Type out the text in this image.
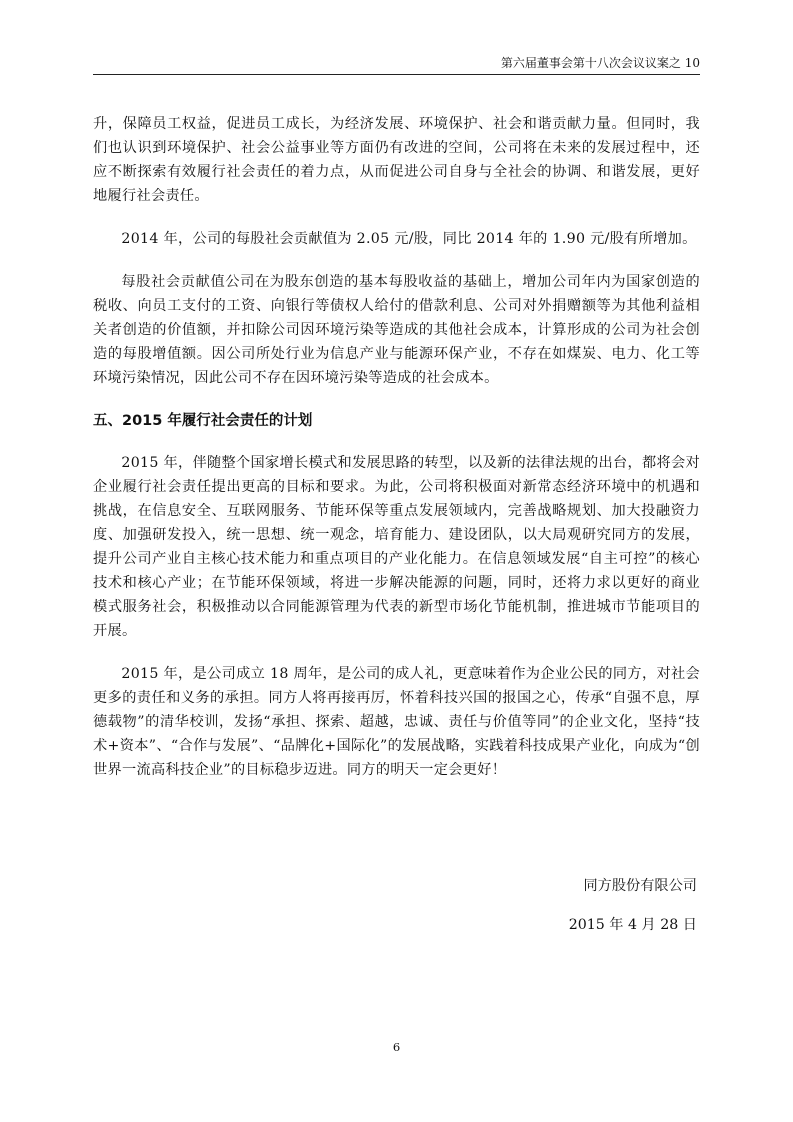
第六届董事会第十八次会议议案之 10

升，保障员工权益，促进员工成长，为经济发展、环境保护、社会和谐贡献力量。但同时，我们也认识到环境保护、社会公益事业等方面仍有改进的空间，公司将在未来的发展过程中，还应不断探索有效履行社会责任的着力点，从而促进公司自身与全社会的协调、和谐发展，更好地履行社会责任。

2014 年，公司的每股社会贡献值为 2.05 元/股，同比 2014 年的 1.90 元/股有所增加。

每股社会贡献值公司在为股东创造的基本每股收益的基础上，增加公司年内为国家创造的税收、向员工支付的工资、向银行等债权人给付的借款利息、公司对外捐赠额等为其他利益相关者创造的价值额，并扣除公司因环境污染等造成的其他社会成本，计算形成的公司为社会创造的每股增值额。因公司所处行业为信息产业与能源环保产业，不存在如煤炭、电力、化工等环境污染情况，因此公司不存在因环境污染等造成的社会成本。

五、2015 年履行社会责任的计划

2015 年，伴随整个国家增长模式和发展思路的转型，以及新的法律法规的出台，都将会对企业履行社会责任提出更高的目标和要求。为此，公司将积极面对新常态经济环境中的机遇和挑战，在信息安全、互联网服务、节能环保等重点发展领域内，完善战略规划、加大投融资力度、加强研发投入，统一思想、统一观念，培育能力、建设团队，以大局观研究同方的发展，提升公司产业自主核心技术能力和重点项目的产业化能力。在信息领域发展“自主可控”的核心技术和核心产业；在节能环保领域，将进一步解决能源的问题，同时，还将力求以更好的商业模式服务社会，积极推动以合同能源管理为代表的新型市场化节能机制，推进城市节能项目的开展。

2015 年，是公司成立 18 周年，是公司的成人礼，更意味着作为企业公民的同方，对社会更多的责任和义务的承担。同方人将再接再厉，怀着科技兴国的报国之心，传承“自强不息，厚德载物”的清华校训，发扬“承担、探索、超越，忠诚、责任与价值等同”的企业文化，坚持“技术+资本”、“合作与发展”、“品牌化+国际化”的发展战略，实践着科技成果产业化，向成为“创世界一流高科技企业”的目标稳步迈进。同方的明天一定会更好！

同方股份有限公司
2015 年 4 月 28 日
6
